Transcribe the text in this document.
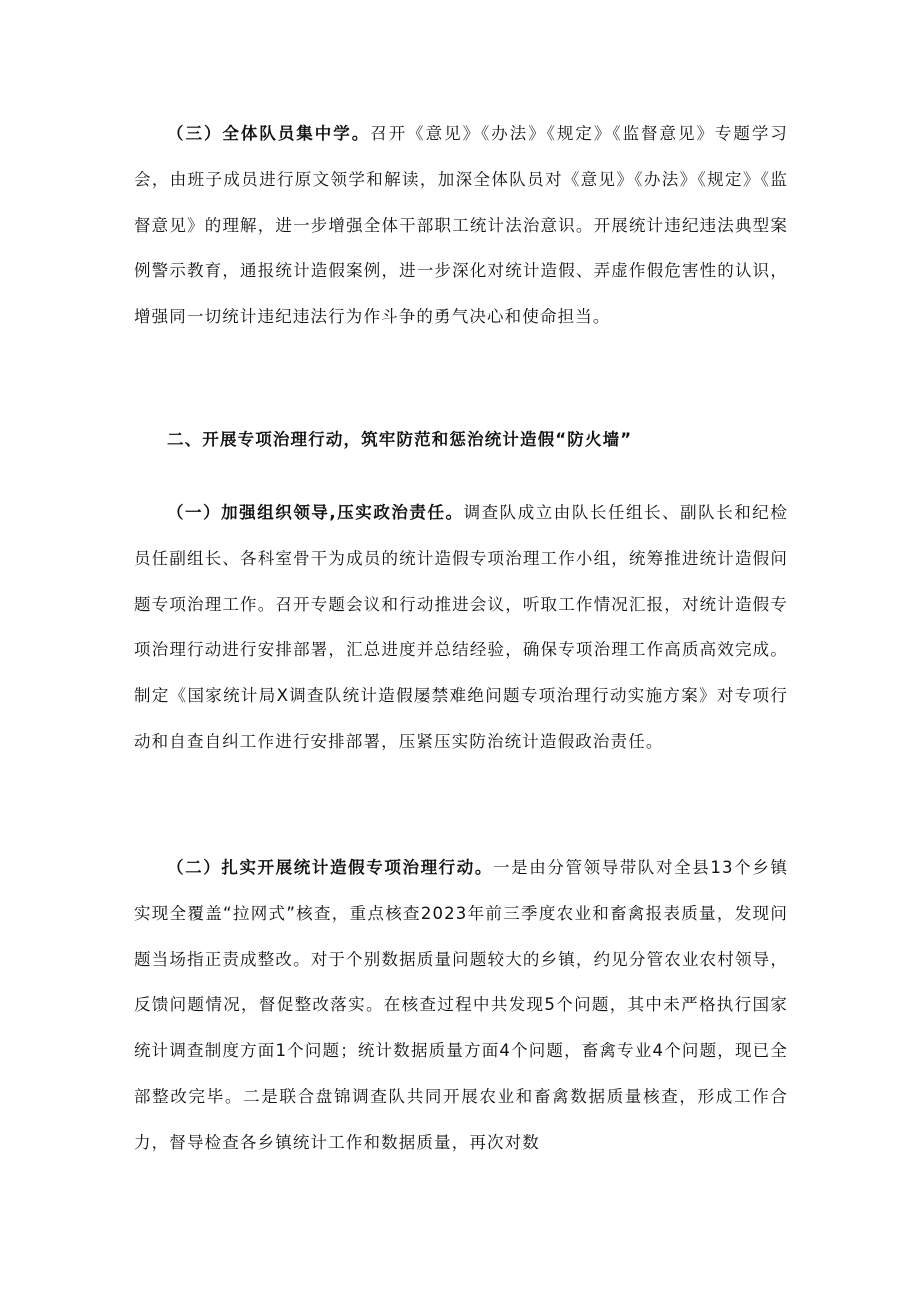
（三）全体队员集中学。召开《意见》《办法》《规定》《监督意见》专题学习会，由班子成员进行原文领学和解读，加深全体队员对《意见》《办法》《规定》《监督意见》的理解，进一步增强全体干部职工统计法治意识。开展统计违纪违法典型案例警示教育，通报统计造假案例，进一步深化对统计造假、弄虚作假危害性的认识，增强同一切统计违纪违法行为作斗争的勇气决心和使命担当。

二、开展专项治理行动，筑牢防范和惩治统计造假“防火墙”

（一）加强组织领导,压实政治责任。调查队成立由队长任组长、副队长和纪检员任副组长、各科室骨干为成员的统计造假专项治理工作小组，统筹推进统计造假问题专项治理工作。召开专题会议和行动推进会议，听取工作情况汇报，对统计造假专项治理行动进行安排部署，汇总进度并总结经验，确保专项治理工作高质高效完成。制定《国家统计局X调查队统计造假屡禁难绝问题专项治理行动实施方案》对专项行动和自查自纠工作进行安排部署，压紧压实防治统计造假政治责任。

（二）扎实开展统计造假专项治理行动。一是由分管领导带队对全县13个乡镇实现全覆盖“拉网式”核查，重点核查2023年前三季度农业和畜禽报表质量，发现问题当场指正责成整改。对于个别数据质量问题较大的乡镇，约见分管农业农村领导，反馈问题情况，督促整改落实。在核查过程中共发现5个问题，其中未严格执行国家统计调查制度方面1个问题；统计数据质量方面4个问题，畜禽专业4个问题，现已全部整改完毕。二是联合盘锦调查队共同开展农业和畜禽数据质量核查，形成工作合力，督导检查各乡镇统计工作和数据质量，再次对数
